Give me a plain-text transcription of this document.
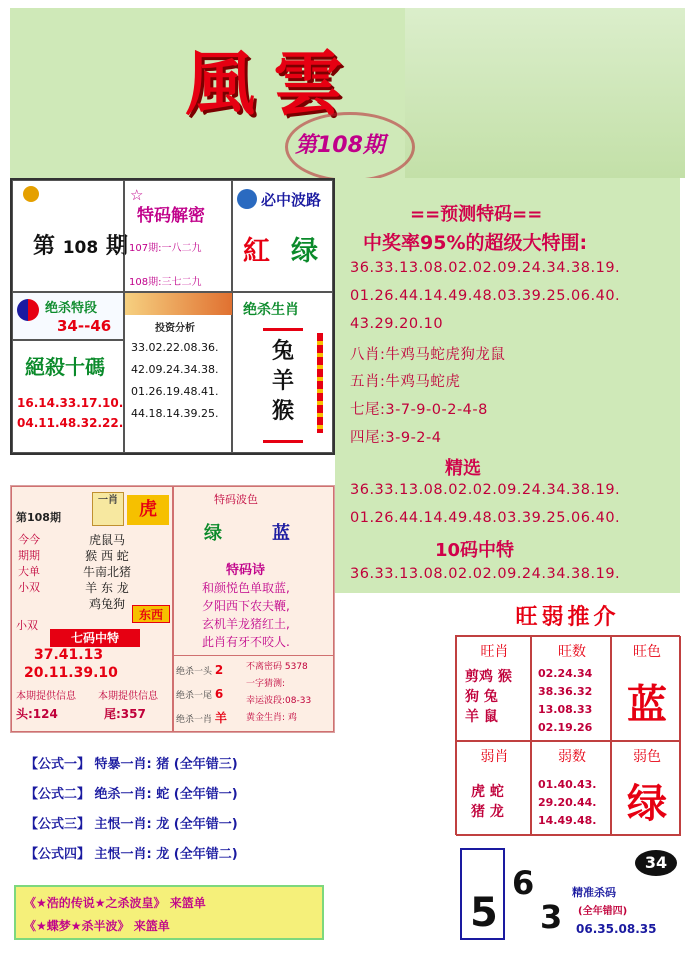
風雲
第108期
第 108 期
☆
特码解密
107期:一八二九
108期:三七二九
必中波路
紅 绿
绝杀特段
34--46
絕殺十碼
16.14.33.17.10.
04.11.48.32.22.
投资分析
33.02.22.08.36.
42.09.24.34.38.
01.26.19.48.41.
44.18.14.39.25.
绝杀生肖
兔羊猴
==预测特码==
中奖率95%的超级大特围:
36.33.13.08.02.02.09.24.34.38.19.
01.26.44.14.49.48.03.39.25.06.40.
43.29.20.10
八肖:牛鸡马蛇虎狗龙鼠
五肖:牛鸡马蛇虎
七尾:3-7-9-0-2-4-8
四尾:3-9-2-4
精选
36.33.13.08.02.02.09.24.34.38.19.
01.26.44.14.49.48.03.39.25.06.40.
10码中特
36.33.13.08.02.02.09.24.34.38.19.
第108期
一肖	虎
今今
期期
大单
小双
虎鼠马
猴 西 蛇
牛南北猪
羊 东 龙
鸡兔狗
小双
东西
七码中特
37.41.13
20.11.39.10
本期提供信息
头:124
本期提供信息
尾:357
特码波色
绿	蓝
特码诗
和颜悦色单取蓝,
夕阳西下农夫鞭,
玄机羊龙猪红土,
此肖有牙不咬人.
绝杀一头 2
绝杀一尾 6
绝杀一肖 羊
不离密码 5378
一字猜测:
幸运波段:08-33
黄金生肖: 鸡
【公式一】 特暴一肖: 猪 (全年错三)
【公式二】 绝杀一肖: 蛇 (全年错一)
【公式三】 主恨一肖: 龙 (全年错一)
【公式四】 主恨一肖: 龙 (全年错二)
《★浩的传说★之杀波皇》 来篮单
《★蝶梦★杀半波》 来篮单
旺弱推介
旺肖
剪鸡 猴
狗 兔
羊 鼠
旺数
02.24.34
38.36.32
13.08.33
02.19.26
旺色
蓝
弱肖
虎 蛇
猪 龙
弱数
01.40.43.
29.20.44.
14.49.48.
弱色
绿
5
6
3
34
精准杀码
(全年错四)
06.35.08.35
